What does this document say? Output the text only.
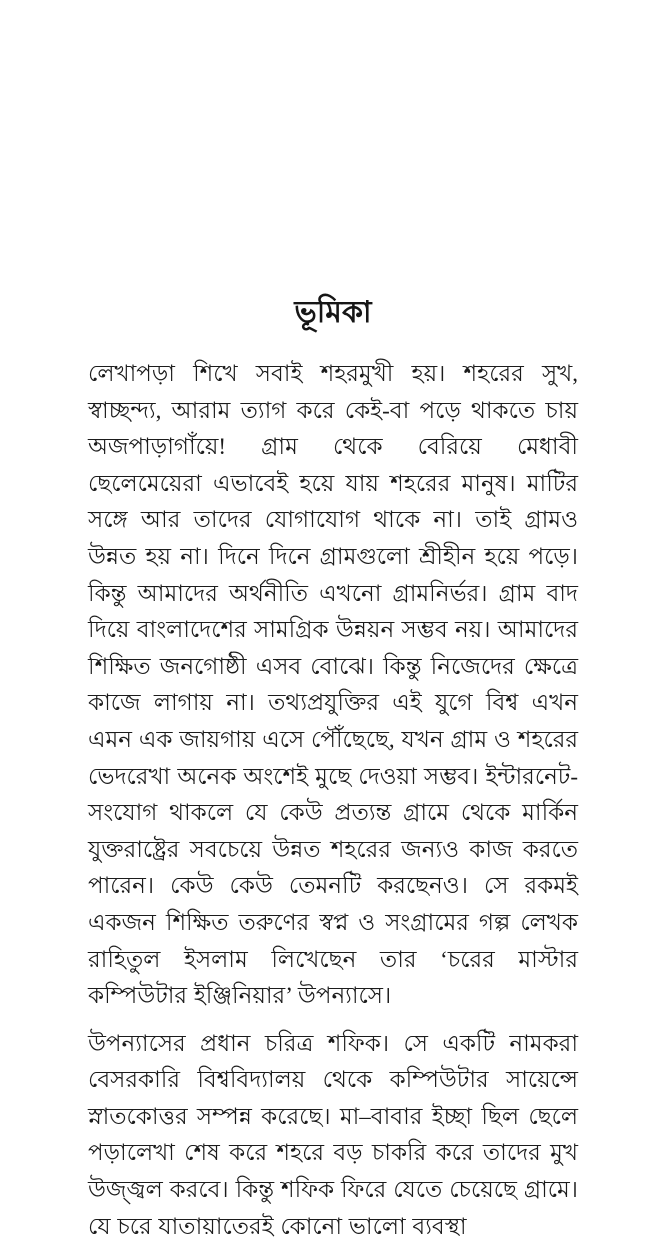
ভূমিকা

লেখাপড়া শিখে সবাই শহরমুখী হয়। শহরের সুখ, স্বাচ্ছন্দ্য, আরাম ত্যাগ করে কেই-বা পড়ে থাকতে চায় অজপাড়াগাঁয়ে! গ্রাম থেকে বেরিয়ে মেধাবী ছেলেমেয়েরা এভাবেই হয়ে যায় শহরের মানুষ। মাটির সঙ্গে আর তাদের যোগাযোগ থাকে না। তাই গ্রামও উন্নত হয় না। দিনে দিনে গ্রামগুলো শ্রীহীন হয়ে পড়ে। কিন্তু আমাদের অর্থনীতি এখনো গ্রামনির্ভর। গ্রাম বাদ দিয়ে বাংলাদেশের সামগ্রিক উন্নয়ন সম্ভব নয়। আমাদের শিক্ষিত জনগোষ্ঠী এসব বোঝে। কিন্তু নিজেদের ক্ষেত্রে কাজে লাগায় না। তথ্যপ্রযুক্তির এই যুগে বিশ্ব এখন এমন এক জায়গায় এসে পৌঁছেছে, যখন গ্রাম ও শহরের ভেদরেখা অনেক অংশেই মুছে দেওয়া সম্ভব। ইন্টারনেট-সংযোগ থাকলে যে কেউ প্রত্যন্ত গ্রামে থেকে মার্কিন যুক্তরাষ্ট্রের সবচেয়ে উন্নত শহরের জন্যও কাজ করতে পারেন। কেউ কেউ তেমনটি করছেনও। সে রকমই একজন শিক্ষিত তরুণের স্বপ্ন ও সংগ্রামের গল্প লেখক রাহিতুল ইসলাম লিখেছেন তার ‘চরের মাস্টার কম্পিউটার ইঞ্জিনিয়ার’ উপন্যাসে।

উপন্যাসের প্রধান চরিত্র শফিক। সে একটি নামকরা বেসরকারি বিশ্ববিদ্যালয় থেকে কম্পিউটার সায়েন্সে স্নাতকোত্তর সম্পন্ন করেছে। মা–বাবার ইচ্ছা ছিল ছেলে পড়ালেখা শেষ করে শহরে বড় চাকরি করে তাদের মুখ উজ্জ্বল করবে। কিন্তু শফিক ফিরে যেতে চেয়েছে গ্রামে। যে চরে যাতায়াতেরই কোনো ভালো ব্যবস্থা
